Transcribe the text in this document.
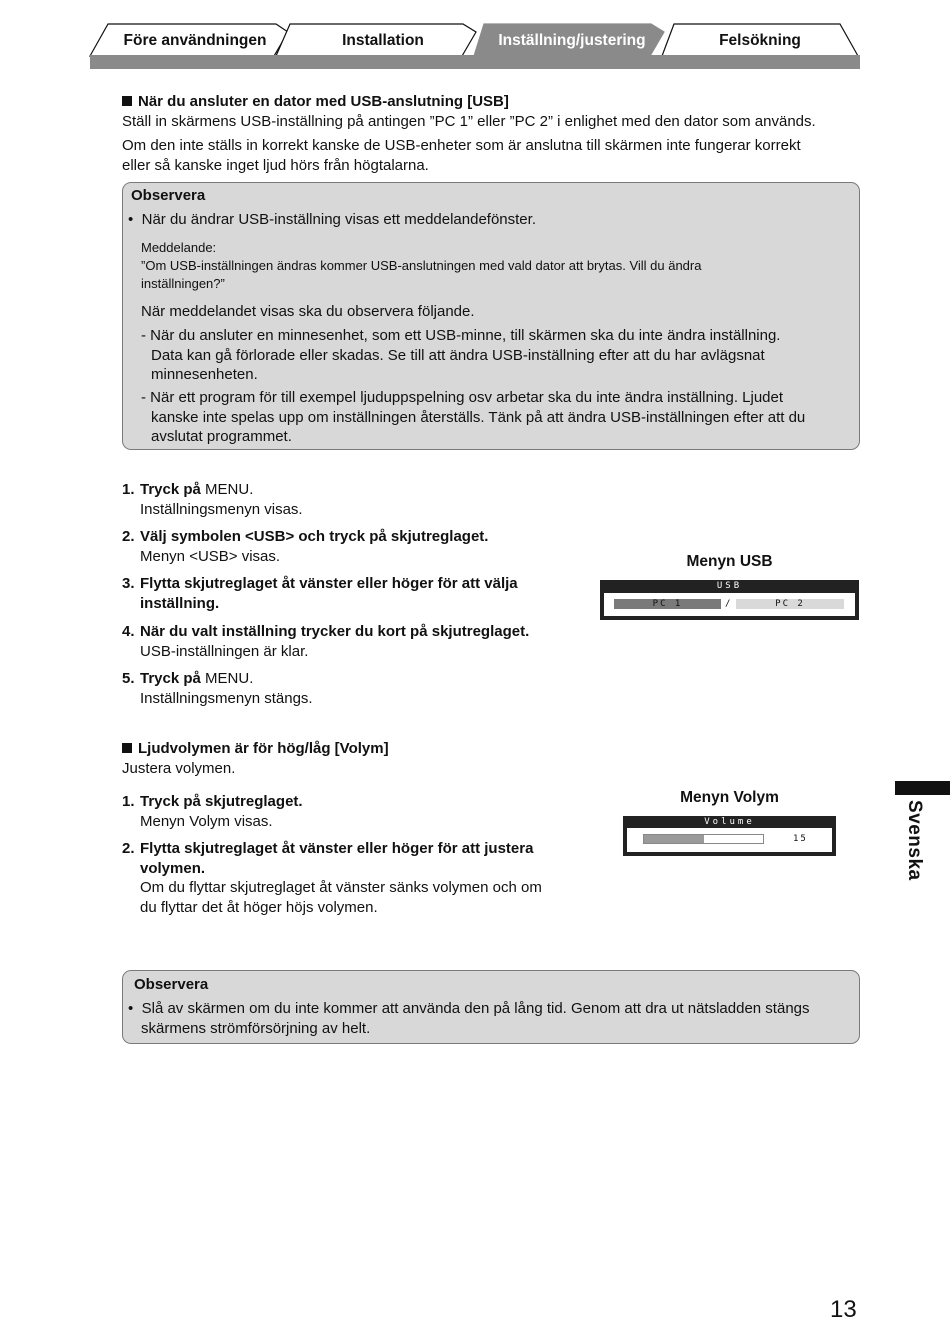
Före användningen	Installation	Inställning/justering	Felsökning
När du ansluter en dator med USB-anslutning [USB]
Ställ in skärmens USB-inställning på antingen ”PC 1” eller ”PC 2” i enlighet med den dator som används.
Om den inte ställs in korrekt kanske de USB-enheter som är anslutna till skärmen inte fungerar korrekt
eller så kanske inget ljud hörs från högtalarna.
Observera
• När du ändrar USB-inställning visas ett meddelandefönster.
Meddelande:
”Om USB-inställningen ändras kommer USB-anslutningen med vald dator att brytas. Vill du ändra
inställningen?”
När meddelandet visas ska du observera följande.
- När du ansluter en minnesenhet, som ett USB-minne, till skärmen ska du inte ändra inställning.
Data kan gå förlorade eller skadas. Se till att ändra USB-inställning efter att du har avlägsnat
minnesenheten.
- När ett program för till exempel ljuduppspelning osv arbetar ska du inte ändra inställning. Ljudet
kanske inte spelas upp om inställningen återställs. Tänk på att ändra USB-inställningen efter att du
avslutat programmet.
1. Tryck på MENU.
Inställningsmenyn visas.
2. Välj symbolen <USB> och tryck på skjutreglaget.
Menyn <USB> visas.
3. Flytta skjutreglaget åt vänster eller höger för att välja
inställning.
4. När du valt inställning trycker du kort på skjutreglaget.
USB-inställningen är klar.
5. Tryck på MENU.
Inställningsmenyn stängs.
Menyn USB
USB
PC 1	/	PC 2
Ljudvolymen är för hög/låg [Volym]
Justera volymen.
1. Tryck på skjutreglaget.
Menyn Volym visas.
2. Flytta skjutreglaget åt vänster eller höger för att justera
volymen.
Om du flyttar skjutreglaget åt vänster sänks volymen och om
du flyttar det åt höger höjs volymen.
Menyn Volym
Volume
15
Observera
• Slå av skärmen om du inte kommer att använda den på lång tid. Genom att dra ut nätsladden stängs
skärmens strömförsörjning av helt.
Svenska
13
